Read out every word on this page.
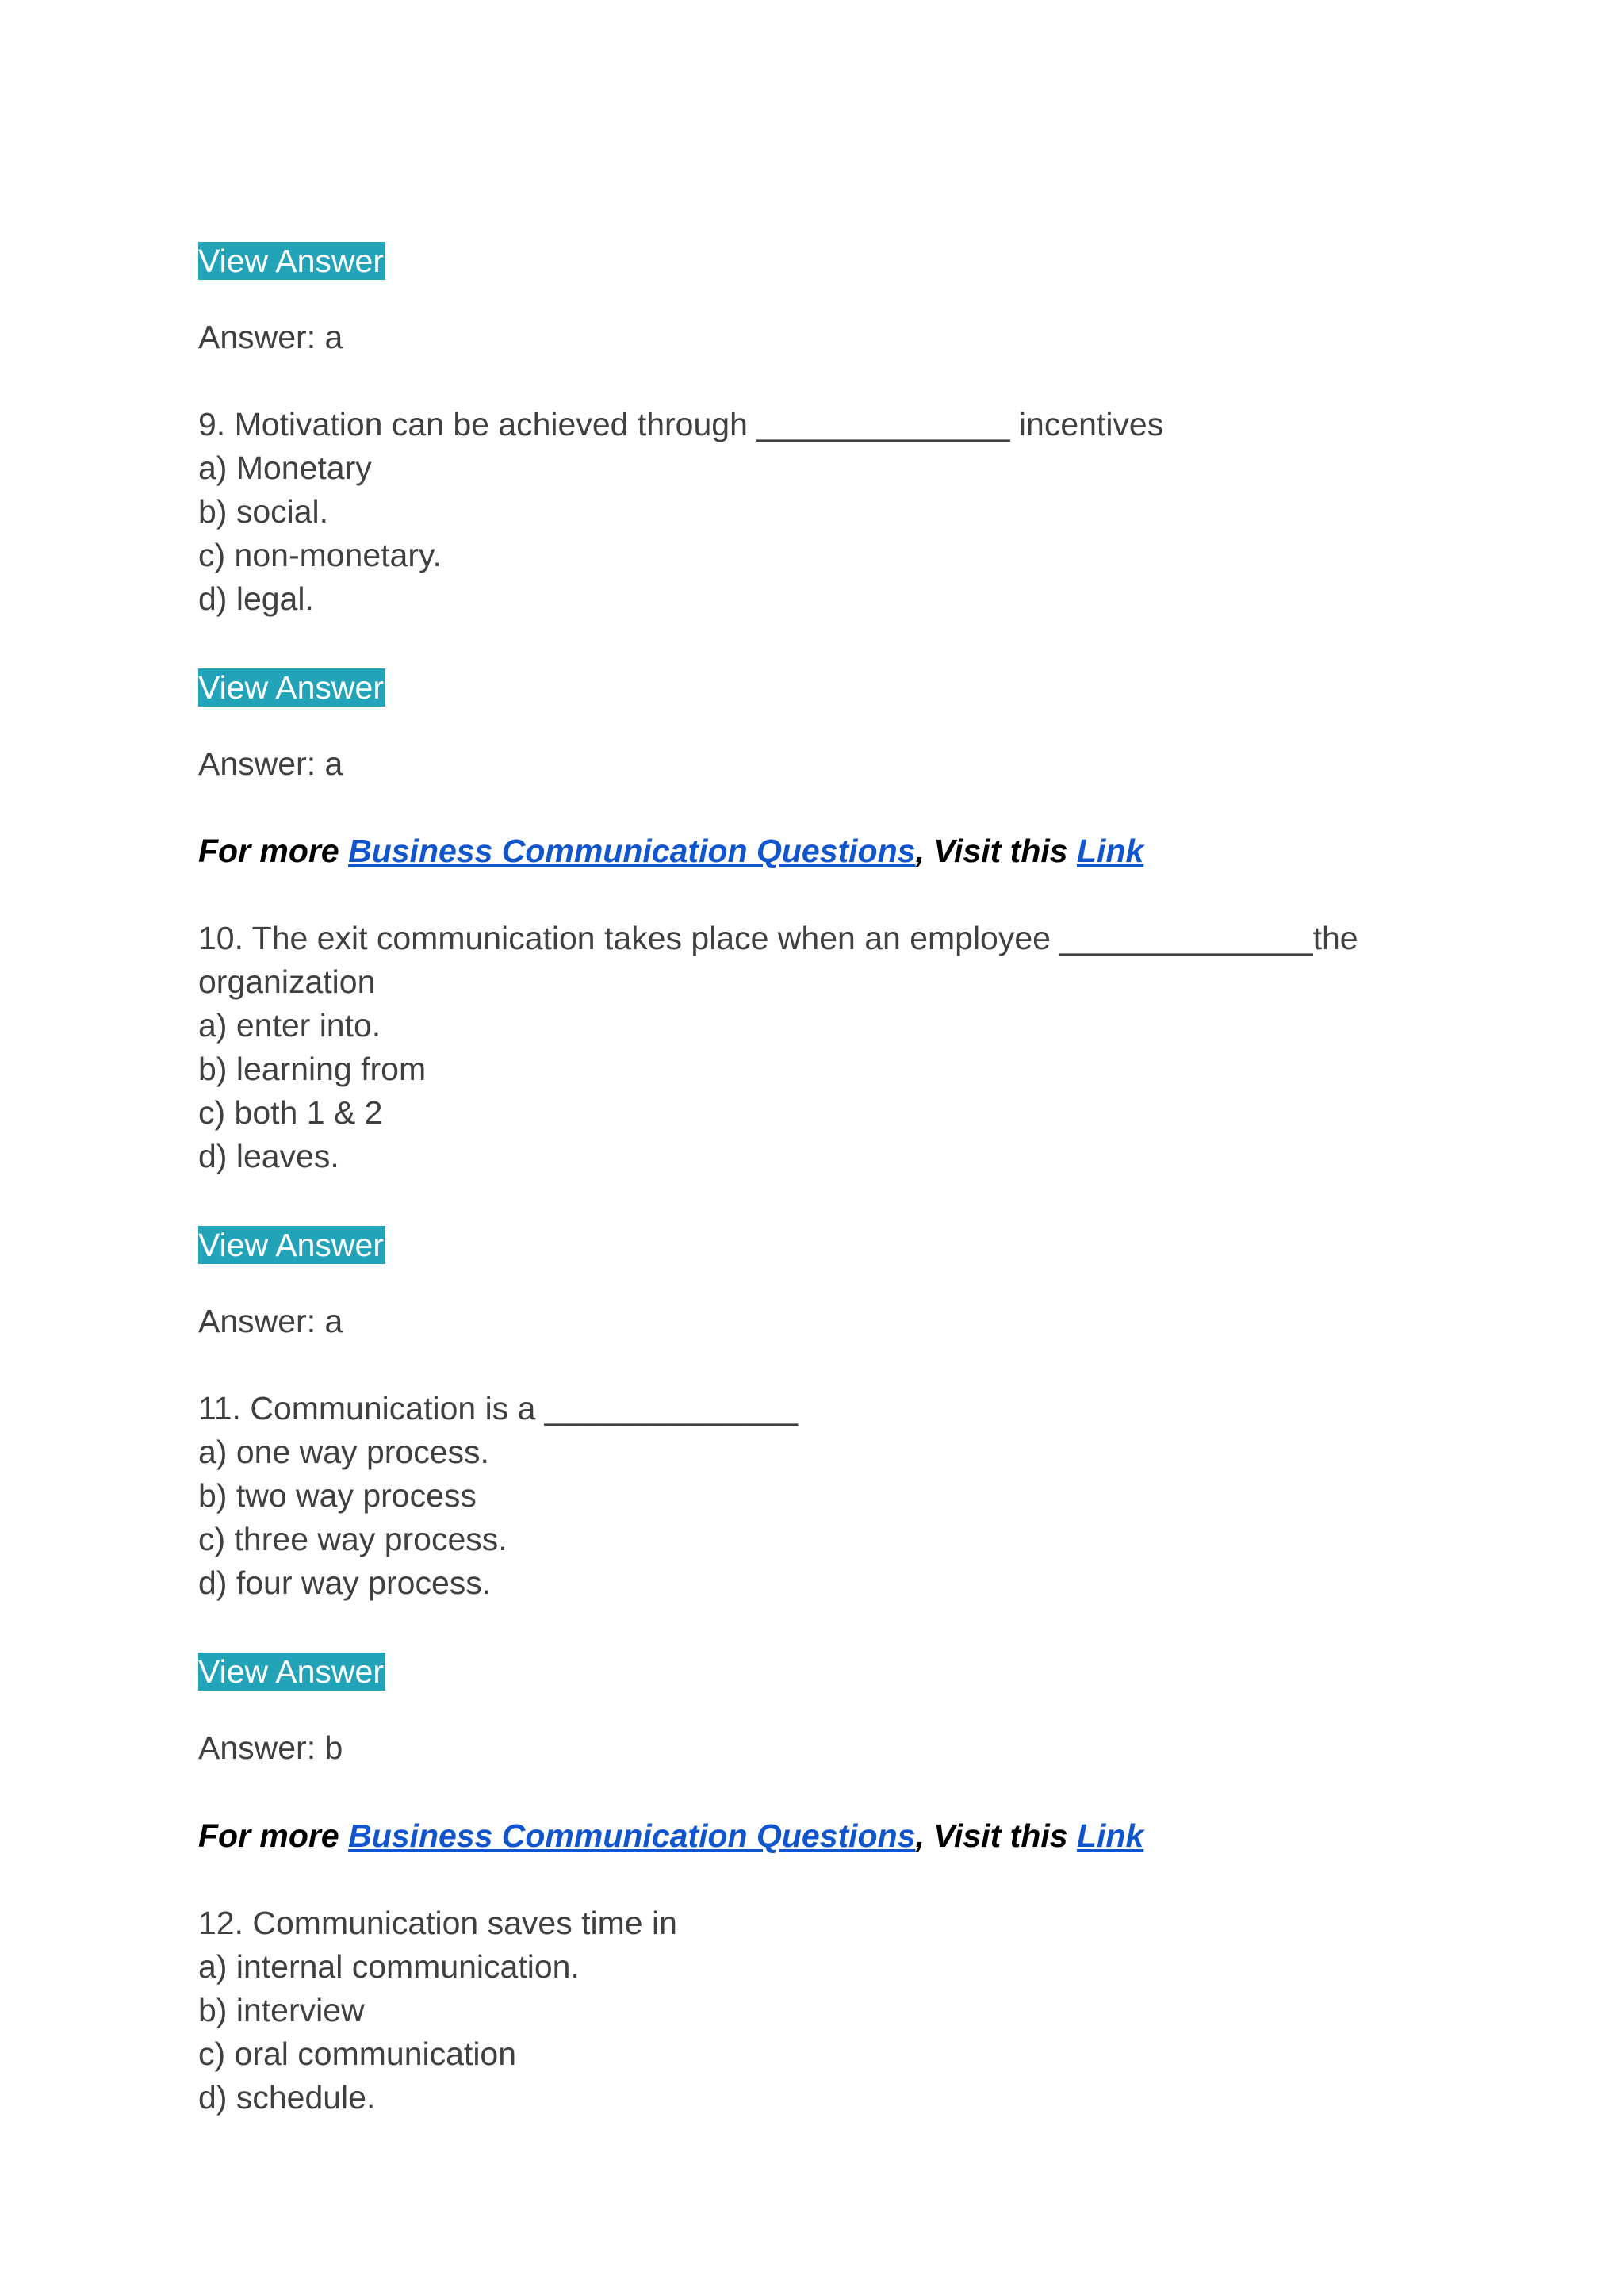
View Answer
Answer: a
9. Motivation can be achieved through ______________ incentives
a) Monetary
b) social.
c) non-monetary.
d) legal.
View Answer
Answer: a
For more Business Communication Questions, Visit this Link
10. The exit communication takes place when an employee ______________the
organization
a) enter into.
b) learning from
c) both 1 & 2
d) leaves.
View Answer
Answer: a
11. Communication is a ______________
a) one way process.
b) two way process
c) three way process.
d) four way process.
View Answer
Answer: b
For more Business Communication Questions, Visit this Link
12. Communication saves time in
a) internal communication.
b) interview
c) oral communication
d) schedule.
